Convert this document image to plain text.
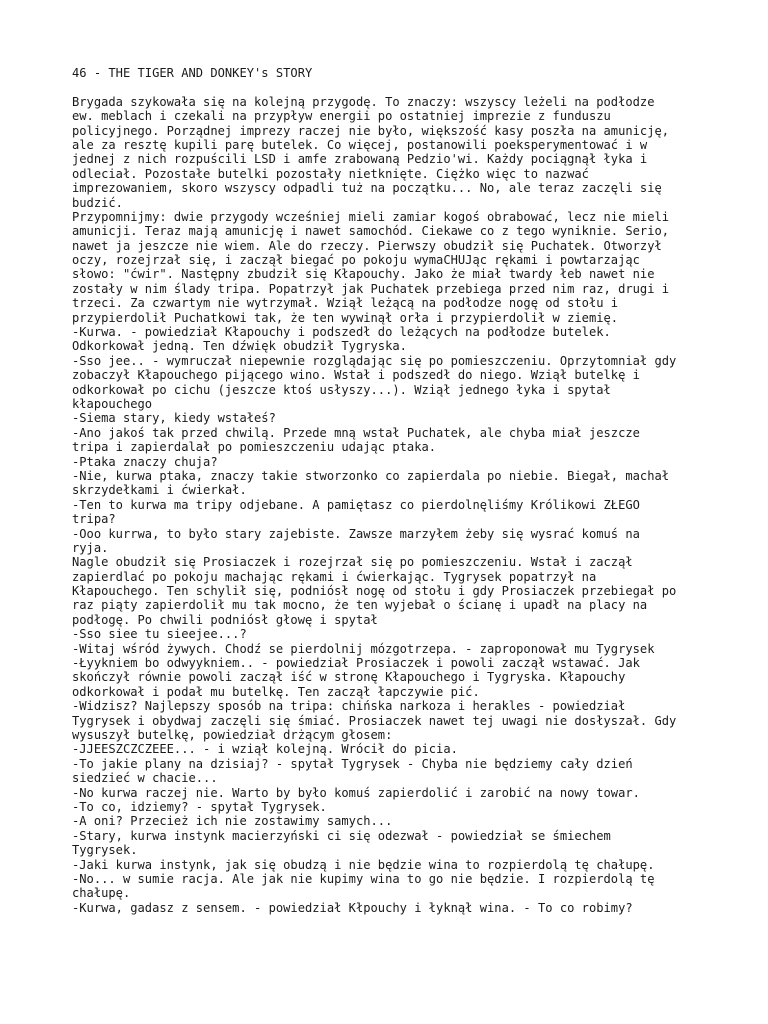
46 - THE TIGER AND DONKEY's STORY
Brygada szykowała się na kolejną przygodę. To znaczy: wszyscy leżeli na podłodze
ew. meblach i czekali na przypływ energii po ostatniej imprezie z funduszu
policyjnego. Porządnej imprezy raczej nie było, większość kasy poszła na amunicję,
ale za resztę kupili parę butelek. Co więcej, postanowili poeksperymentować i w
jednej z nich rozpuścili LSD i amfe zrabowaną Pedzio'wi. Każdy pociągnął łyka i
odleciał. Pozostałe butelki pozostały nietknięte. Ciężko więc to nazwać
imprezowaniem, skoro wszyscy odpadli tuż na początku... No, ale teraz zaczęli się
budzić.
Przypomnijmy: dwie przygody wcześniej mieli zamiar kogoś obrabować, lecz nie mieli
amunicji. Teraz mają amunicję i nawet samochód. Ciekawe co z tego wyniknie. Serio,
nawet ja jeszcze nie wiem. Ale do rzeczy. Pierwszy obudził się Puchatek. Otworzył
oczy, rozejrzał się, i zaczął biegać po pokoju wymaCHUJąc rękami i powtarzając
słowo: "ćwir". Następny zbudził się Kłapouchy. Jako że miał twardy łeb nawet nie
zostały w nim ślady tripa. Popatrzył jak Puchatek przebiega przed nim raz, drugi i
trzeci. Za czwartym nie wytrzymał. Wziął leżącą na podłodze nogę od stołu i
przypierdolił Puchatkowi tak, że ten wywinął orła i przypierdolił w ziemię.
-Kurwa. - powiedział Kłapouchy i podszedł do leżących na podłodze butelek.
Odkorkował jedną. Ten dźwięk obudził Tygryska.
-Sso jee.. - wymruczał niepewnie rozglądając się po pomieszczeniu. Oprzytomniał gdy
zobaczył Kłapouchego pijącego wino. Wstał i podszedł do niego. Wziął butelkę i
odkorkował po cichu (jeszcze ktoś usłyszy...). Wziął jednego łyka i spytał
kłapouchego
-Siema stary, kiedy wstałeś?
-Ano jakoś tak przed chwilą. Przede mną wstał Puchatek, ale chyba miał jeszcze
tripa i zapierdalał po pomieszczeniu udając ptaka.
-Ptaka znaczy chuja?
-Nie, kurwa ptaka, znaczy takie stworzonko co zapierdala po niebie. Biegał, machał
skrzydełkami i ćwierkał.
-Ten to kurwa ma tripy odjebane. A pamiętasz co pierdolnęliśmy Królikowi ZŁEGO
tripa?
-Ooo kurrwa, to było stary zajebiste. Zawsze marzyłem żeby się wysrać komuś na
ryja.
Nagle obudził się Prosiaczek i rozejrzał się po pomieszczeniu. Wstał i zaczął
zapierdlać po pokoju machając rękami i ćwierkając. Tygrysek popatrzył na
Kłapouchego. Ten schylił się, podniósł nogę od stołu i gdy Prosiaczek przebiegał po
raz piąty zapierdolił mu tak mocno, że ten wyjebał o ścianę i upadł na placy na
podłogę. Po chwili podniósł głowę i spytał
-Sso siee tu sieejee...?
-Witaj wśród żywych. Chodź se pierdolnij mózgotrzepa. - zaproponował mu Tygrysek
-Łyykniem bo odwyykniem.. - powiedział Prosiaczek i powoli zaczął wstawać. Jak
skończył równie powoli zaczął iść w stronę Kłapouchego i Tygryska. Kłapouchy
odkorkował i podał mu butelkę. Ten zaczął łapczywie pić.
-Widzisz? Najlepszy sposób na tripa: chińska narkoza i herakles - powiedział
Tygrysek i obydwaj zaczęli się śmiać. Prosiaczek nawet tej uwagi nie dosłyszał. Gdy
wysuszył butelkę, powiedział drżącym głosem:
-JJEESZCZCZEEE... - i wziął kolejną. Wrócił do picia.
-To jakie plany na dzisiaj? - spytał Tygrysek - Chyba nie będziemy cały dzień
siedzieć w chacie...
-No kurwa raczej nie. Warto by było komuś zapierdolić i zarobić na nowy towar.
-To co, idziemy? - spytał Tygrysek.
-A oni? Przecież ich nie zostawimy samych...
-Stary, kurwa instynk macierzyński ci się odezwał - powiedział se śmiechem
Tygrysek.
-Jaki kurwa instynk, jak się obudzą i nie będzie wina to rozpierdolą tę chałupę.
-No... w sumie racja. Ale jak nie kupimy wina to go nie będzie. I rozpierdolą tę
chałupę.
-Kurwa, gadasz z sensem. - powiedział Kłpouchy i łyknął wina. - To co robimy?
